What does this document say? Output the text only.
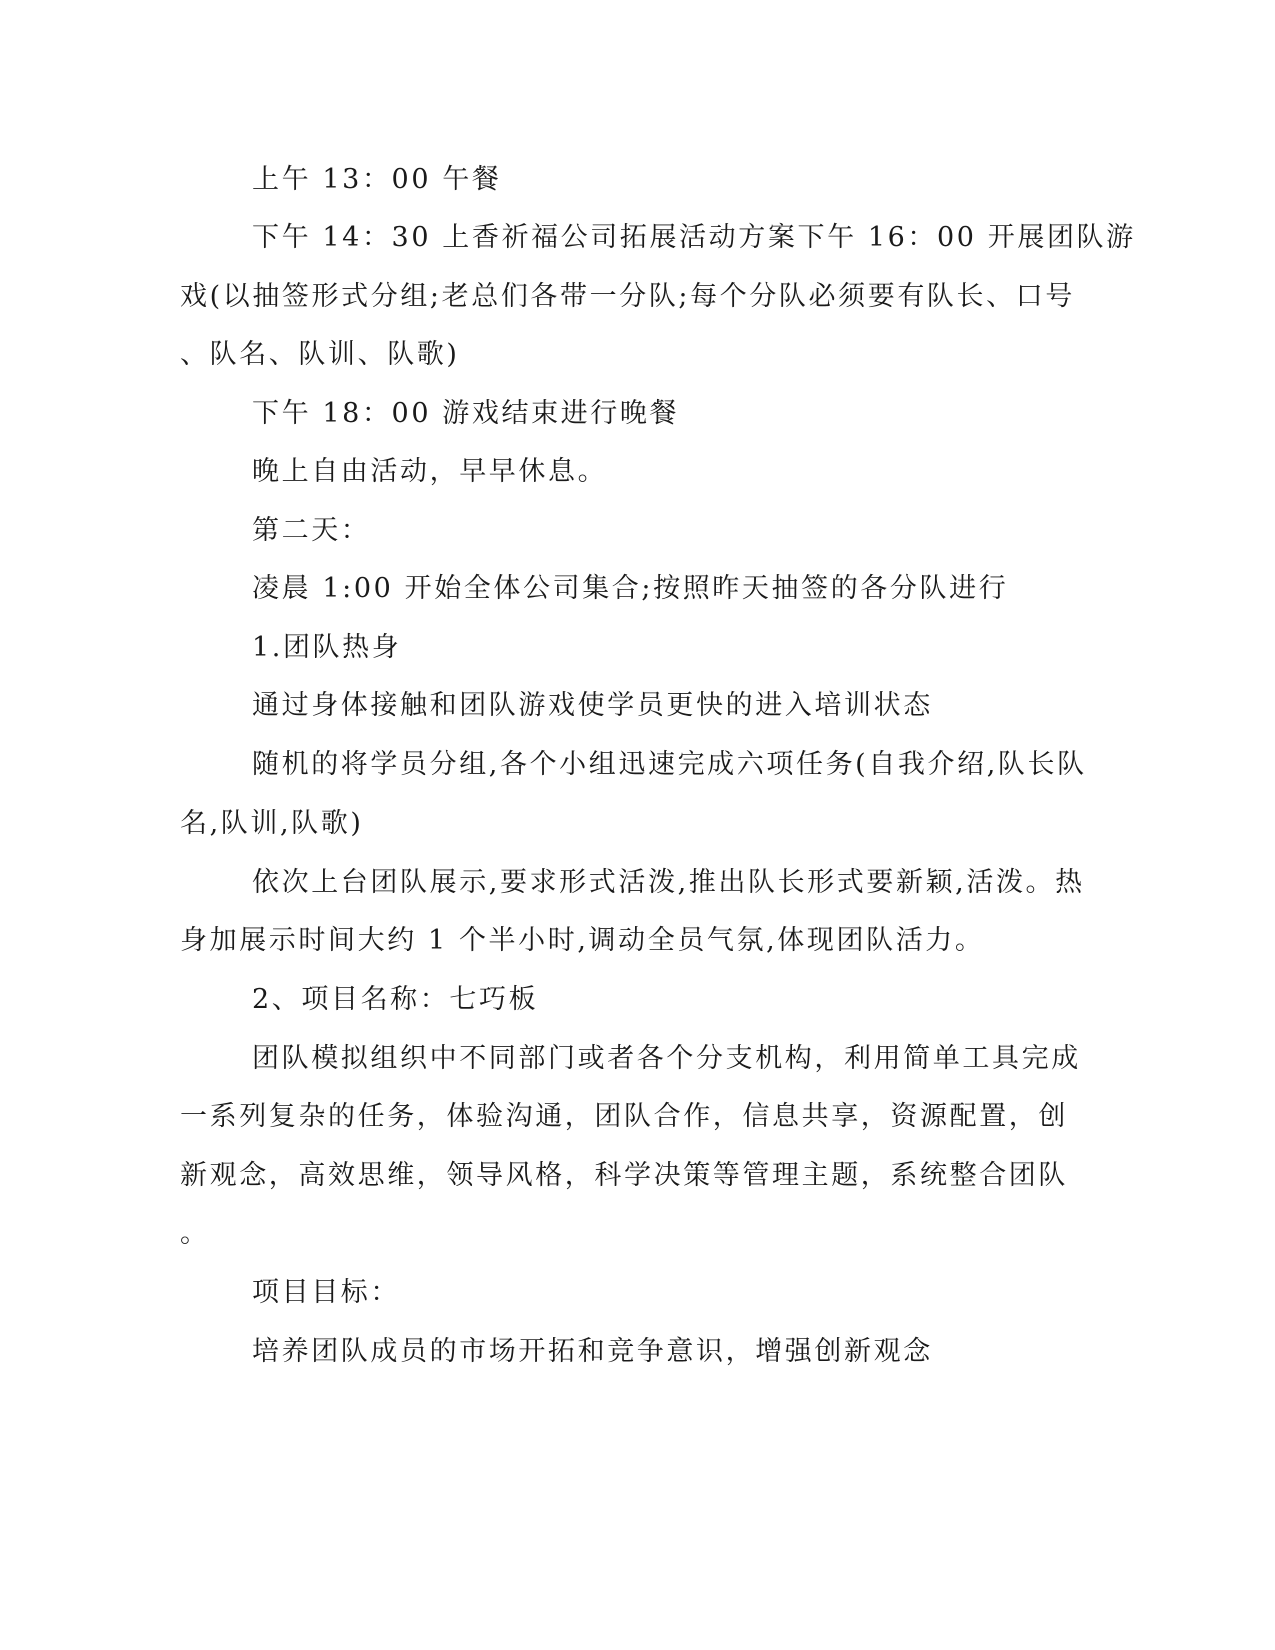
上午 13：00 午餐
下午 14：30 上香祈福公司拓展活动方案下午 16：00 开展团队游
戏(以抽签形式分组;老总们各带一分队;每个分队必须要有队长、口号
、队名、队训、队歌)
下午 18：00 游戏结束进行晚餐
晚上自由活动，早早休息。
第二天：
凌晨 1:00 开始全体公司集合;按照昨天抽签的各分队进行
1.团队热身
通过身体接触和团队游戏使学员更快的进入培训状态
随机的将学员分组,各个小组迅速完成六项任务(自我介绍,队长队
名,队训,队歌)
依次上台团队展示,要求形式活泼,推出队长形式要新颖,活泼。热
身加展示时间大约 1 个半小时,调动全员气氛,体现团队活力。
2、项目名称：七巧板
团队模拟组织中不同部门或者各个分支机构，利用简单工具完成
一系列复杂的任务，体验沟通，团队合作，信息共享，资源配置，创
新观念，高效思维，领导风格，科学决策等管理主题，系统整合团队
。
项目目标：
培养团队成员的市场开拓和竞争意识，增强创新观念
